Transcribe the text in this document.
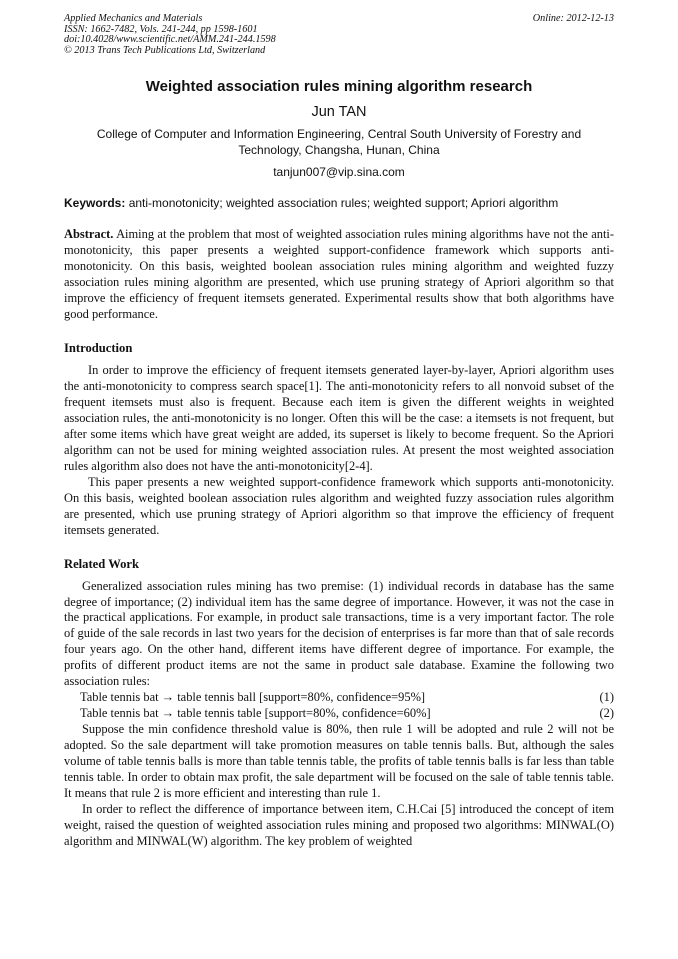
Applied Mechanics and Materials
ISSN: 1662-7482, Vols. 241-244, pp 1598-1601
doi:10.4028/www.scientific.net/AMM.241-244.1598
© 2013 Trans Tech Publications Ltd, Switzerland
Online: 2012-12-13
Weighted association rules mining algorithm research
Jun TAN
College of Computer and Information Engineering, Central South University of Forestry and Technology, Changsha, Hunan, China
tanjun007@vip.sina.com
Keywords: anti-monotonicity; weighted association rules; weighted support; Apriori algorithm

Abstract. Aiming at the problem that most of weighted association rules mining algorithms have not the anti-monotonicity, this paper presents a weighted support-confidence framework which supports anti-monotonicity. On this basis, weighted boolean association rules mining algorithm and weighted fuzzy association rules mining algorithm are presented, which use pruning strategy of Apriori algorithm so that improve the efficiency of frequent itemsets generated. Experimental results show that both algorithms have good performance.

Introduction

In order to improve the efficiency of frequent itemsets generated layer-by-layer, Apriori algorithm uses the anti-monotonicity to compress search space[1]. The anti-monotonicity refers to all nonvoid subset of the frequent itemsets must also is frequent. Because each item is given the different weights in weighted association rules, the anti-monotonicity is no longer. Often this will be the case: a itemsets is not frequent, but after some items which have great weight are added, its superset is likely to become frequent. So the Apriori algorithm can not be used for mining weighted association rules. At present the most weighted association rules algorithm also does not have the anti-monotonicity[2-4].

This paper presents a new weighted support-confidence framework which supports anti-monotonicity. On this basis, weighted boolean association rules algorithm and weighted fuzzy association rules algorithm are presented, which use pruning strategy of Apriori algorithm so that improve the efficiency of frequent itemsets generated.

Related Work

Generalized association rules mining has two premise: (1) individual records in database has the same degree of importance; (2) individual item has the same degree of importance. However, it was not the case in the practical applications. For example, in product sale transactions, time is a very important factor. The role of guide of the sale records in last two years for the decision of enterprises is far more than that of sale records four years ago. On the other hand, different items have different degree of importance. For example, the profits of different product items are not the same in product sale database. Examine the following two association rules:

Table tennis bat → table tennis ball [support=80%, confidence=95%]	(1)
Table tennis bat → table tennis table [support=80%, confidence=60%]	(2)

Suppose the min confidence threshold value is 80%, then rule 1 will be adopted and rule 2 will not be adopted. So the sale department will take promotion measures on table tennis balls. But, although the sales volume of table tennis balls is more than table tennis table, the profits of table tennis balls is far less than table tennis table. In order to obtain max profit, the sale department will be focused on the sale of table tennis table. It means that rule 2 is more efficient and interesting than rule 1.

In order to reflect the difference of importance between item, C.H.Cai [5] introduced the concept of item weight, raised the question of weighted association rules mining and proposed two algorithms: MINWAL(O) algorithm and MINWAL(W) algorithm. The key problem of weighted
